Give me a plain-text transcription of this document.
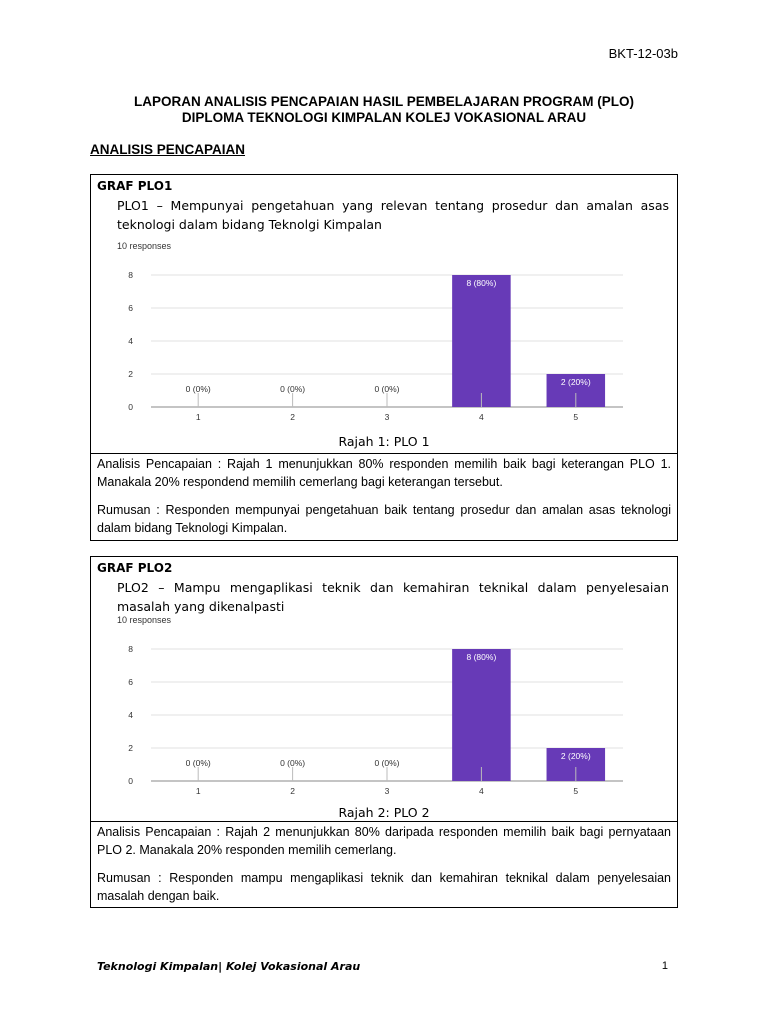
BKT-12-03b
LAPORAN ANALISIS PENCAPAIAN HASIL PEMBELAJARAN PROGRAM (PLO)
DIPLOMA TEKNOLOGI KIMPALAN KOLEJ VOKASIONAL ARAU
ANALISIS PENCAPAIAN
GRAF PLO1
PLO1 – Mempunyai pengetahuan yang relevan tentang prosedur dan amalan asas teknologi dalam bidang Teknolgi Kimpalan
10 responses
0
2
4
6
8
1
0 (0%)
2
0 (0%)
3
0 (0%)
4
8 (80%)
5
2 (20%)
Rajah 1: PLO 1

Analisis Pencapaian : Rajah 1 menunjukkan 80% responden memilih baik bagi keterangan PLO 1. Manakala 20% respondend memilih cemerlang bagi keterangan tersebut.

Rumusan : Responden mempunyai pengetahuan baik tentang prosedur dan amalan asas teknologi dalam bidang Teknologi Kimpalan.

GRAF PLO2
PLO2 – Mampu mengaplikasi teknik dan kemahiran teknikal dalam penyelesaian masalah yang dikenalpasti
10 responses
0
2
4
6
8
1
0 (0%)
2
0 (0%)
3
0 (0%)
4
8 (80%)
5
2 (20%)
Rajah 2: PLO 2

Analisis Pencapaian : Rajah 2 menunjukkan 80% daripada responden memilih baik bagi pernyataan PLO 2. Manakala 20% responden memilih cemerlang.

Rumusan : Responden mampu mengaplikasi teknik dan kemahiran teknikal dalam penyelesaian masalah dengan baik.

Teknologi Kimpalan| Kolej Vokasional Arau	1
